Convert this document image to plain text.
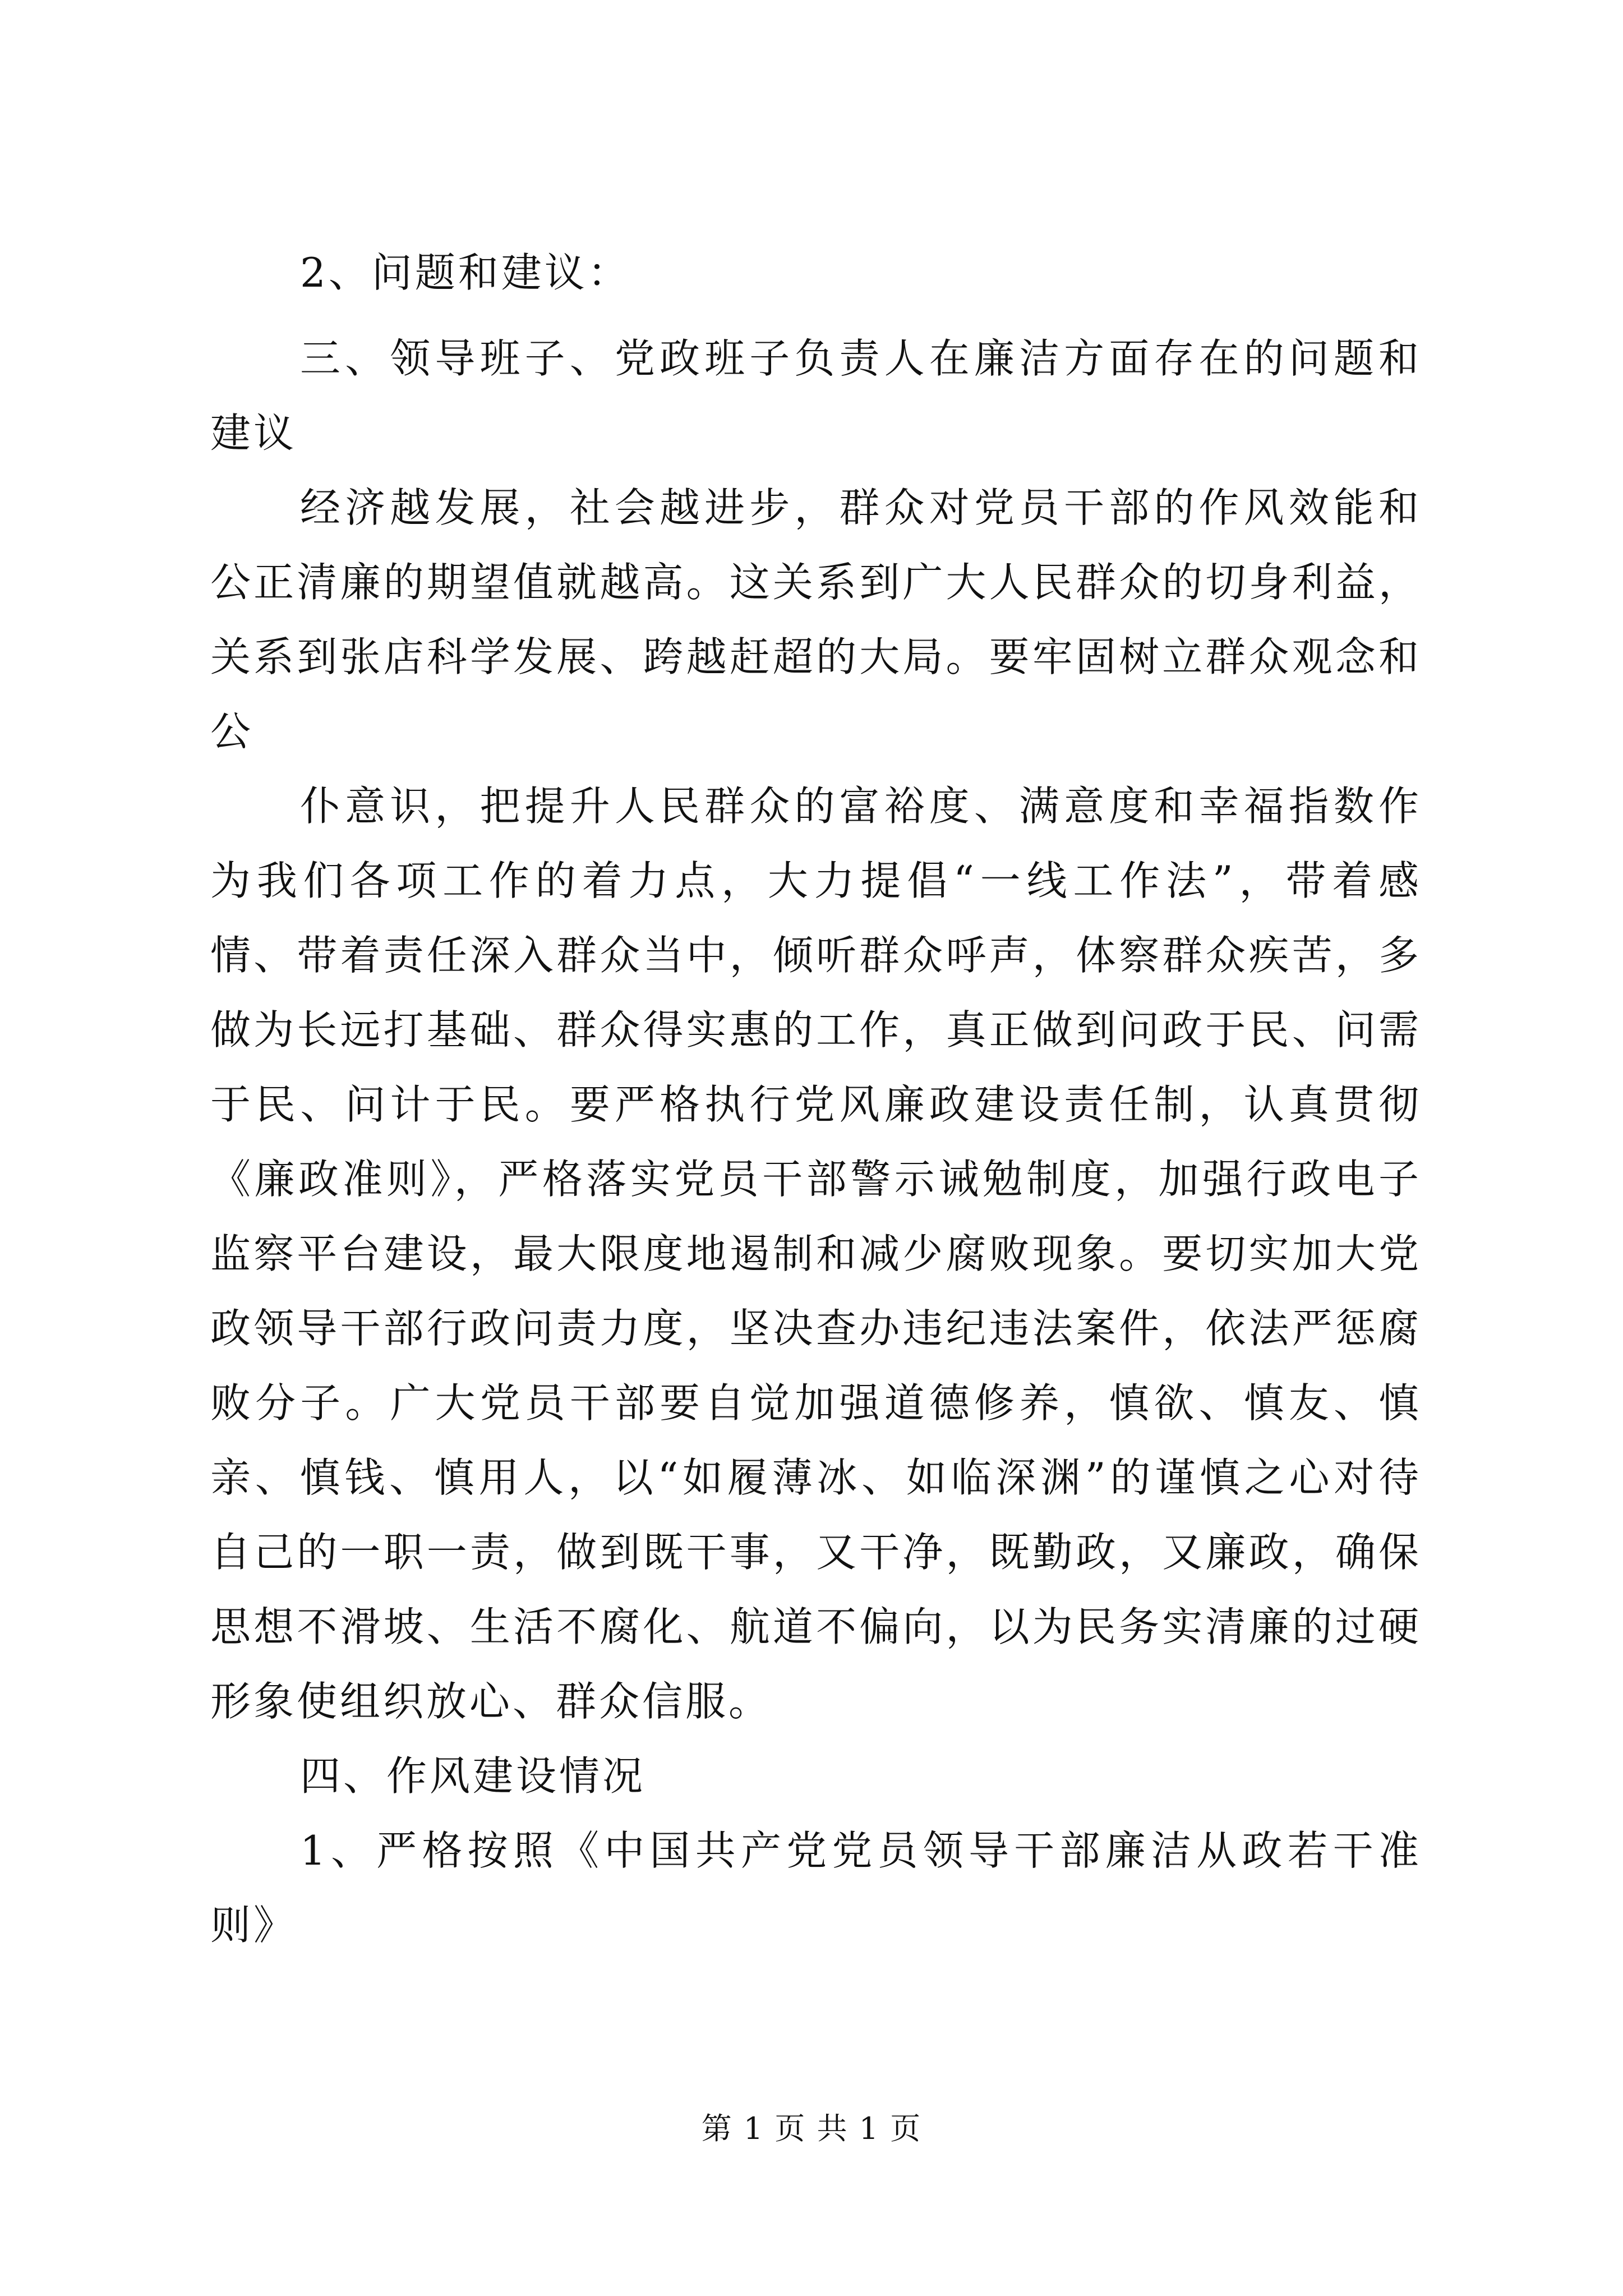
2、问题和建议：

三、领导班子、党政班子负责人在廉洁方面存在的问题和建议

经济越发展，社会越进步，群众对党员干部的作风效能和公正清廉的期望值就越高。这关系到广大人民群众的切身利益，关系到张店科学发展、跨越赶超的大局。要牢固树立群众观念和公

仆意识，把提升人民群众的富裕度、满意度和幸福指数作为我们各项工作的着力点，大力提倡“一线工作法”，带着感情、带着责任深入群众当中，倾听群众呼声，体察群众疾苦，多做为长远打基础、群众得实惠的工作，真正做到问政于民、问需于民、问计于民。要严格执行党风廉政建设责任制，认真贯彻《廉政准则》，严格落实党员干部警示诫勉制度，加强行政电子监察平台建设，最大限度地遏制和减少腐败现象。要切实加大党政领导干部行政问责力度，坚决查办违纪违法案件，依法严惩腐败分子。广大党员干部要自觉加强道德修养，慎欲、慎友、慎亲、慎钱、慎用人，以“如履薄冰、如临深渊”的谨慎之心对待自己的一职一责，做到既干事，又干净，既勤政，又廉政，确保思想不滑坡、生活不腐化、航道不偏向，以为民务实清廉的过硬形象使组织放心、群众信服。

四、作风建设情况

1、严格按照《中国共产党党员领导干部廉洁从政若干准则》

第 1 页 共 1 页
